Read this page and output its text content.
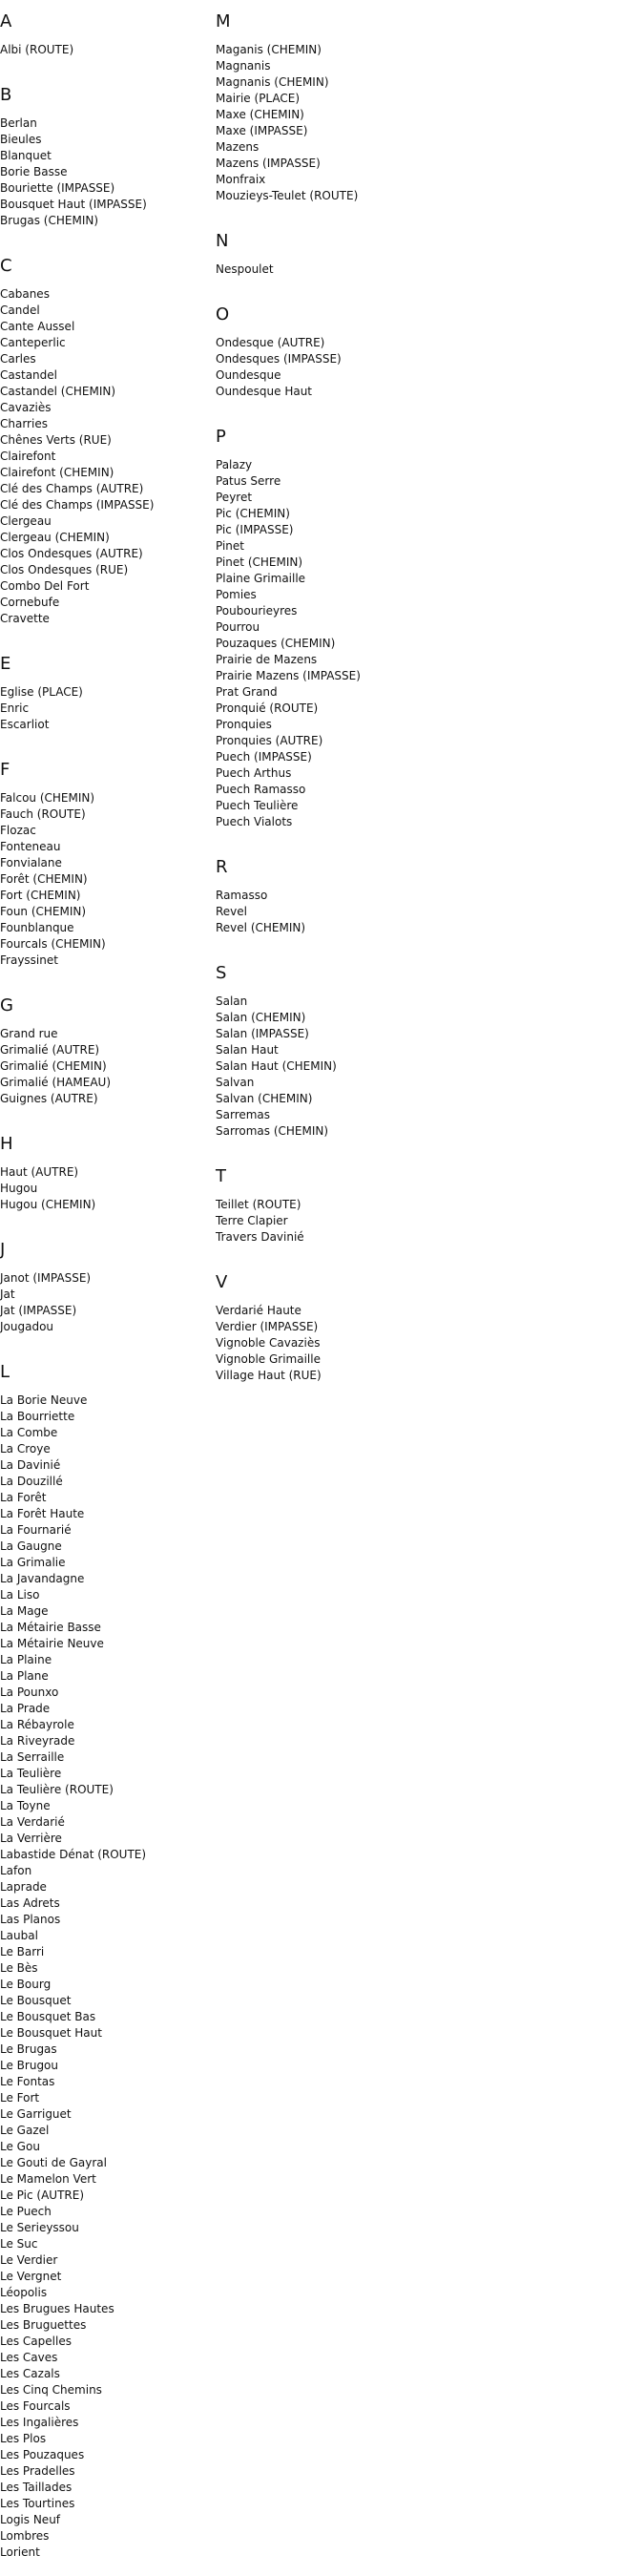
A
Albi (ROUTE)
B
Berlan
Bieules
Blanquet
Borie Basse
Bouriette (IMPASSE)
Bousquet Haut (IMPASSE)
Brugas (CHEMIN)
C
Cabanes
Candel
Cante Aussel
Canteperlic
Carles
Castandel
Castandel (CHEMIN)
Cavaziès
Charries
Chênes Verts (RUE)
Clairefont
Clairefont (CHEMIN)
Clé des Champs (AUTRE)
Clé des Champs (IMPASSE)
Clergeau
Clergeau (CHEMIN)
Clos Ondesques (AUTRE)
Clos Ondesques (RUE)
Combo Del Fort
Cornebufe
Cravette
E
Eglise (PLACE)
Enric
Escarliot
F
Falcou (CHEMIN)
Fauch (ROUTE)
Flozac
Fonteneau
Fonvialane
Forêt (CHEMIN)
Fort (CHEMIN)
Foun (CHEMIN)
Founblanque
Fourcals (CHEMIN)
Frayssinet
G
Grand rue
Grimalié (AUTRE)
Grimalié (CHEMIN)
Grimalié (HAMEAU)
Guignes (AUTRE)
H
Haut (AUTRE)
Hugou
Hugou (CHEMIN)
J
Janot (IMPASSE)
Jat
Jat (IMPASSE)
Jougadou
L
La Borie Neuve
La Bourriette
La Combe
La Croye
La Davinié
La Douzillé
La Forêt
La Forêt Haute
La Fournarié
La Gaugne
La Grimalie
La Javandagne
La Liso
La Mage
La Métairie Basse
La Métairie Neuve
La Plaine
La Plane
La Pounxo
La Prade
La Rébayrole
La Riveyrade
La Serraille
La Teulière
La Teulière (ROUTE)
La Toyne
La Verdarié
La Verrière
Labastide Dénat (ROUTE)
Lafon
Laprade
Las Adrets
Las Planos
Laubal
Le Barri
Le Bès
Le Bourg
Le Bousquet
Le Bousquet Bas
Le Bousquet Haut
Le Brugas
Le Brugou
Le Fontas
Le Fort
Le Garriguet
Le Gazel
Le Gou
Le Gouti de Gayral
Le Mamelon Vert
Le Pic (AUTRE)
Le Puech
Le Serieyssou
Le Suc
Le Verdier
Le Vergnet
Léopolis
Les Brugues Hautes
Les Bruguettes
Les Capelles
Les Caves
Les Cazals
Les Cinq Chemins
Les Fourcals
Les Ingalières
Les Plos
Les Pouzaques
Les Pradelles
Les Taillades
Les Tourtines
Logis Neuf
Lombres
Lorient
M
Maganis (CHEMIN)
Magnanis
Magnanis (CHEMIN)
Mairie (PLACE)
Maxe (CHEMIN)
Maxe (IMPASSE)
Mazens
Mazens (IMPASSE)
Monfraix
Mouzieys-Teulet (ROUTE)
N
Nespoulet
O
Ondesque (AUTRE)
Ondesques (IMPASSE)
Oundesque
Oundesque Haut
P
Palazy
Patus Serre
Peyret
Pic (CHEMIN)
Pic (IMPASSE)
Pinet
Pinet (CHEMIN)
Plaine Grimaille
Pomies
Poubourieyres
Pourrou
Pouzaques (CHEMIN)
Prairie de Mazens
Prairie Mazens (IMPASSE)
Prat Grand
Pronquié (ROUTE)
Pronquies
Pronquies (AUTRE)
Puech (IMPASSE)
Puech Arthus
Puech Ramasso
Puech Teulière
Puech Vialots
R
Ramasso
Revel
Revel (CHEMIN)
S
Salan
Salan (CHEMIN)
Salan (IMPASSE)
Salan Haut
Salan Haut (CHEMIN)
Salvan
Salvan (CHEMIN)
Sarremas
Sarromas (CHEMIN)
T
Teillet (ROUTE)
Terre Clapier
Travers Davinié
V
Verdarié Haute
Verdier (IMPASSE)
Vignoble Cavaziès
Vignoble Grimaille
Village Haut (RUE)
